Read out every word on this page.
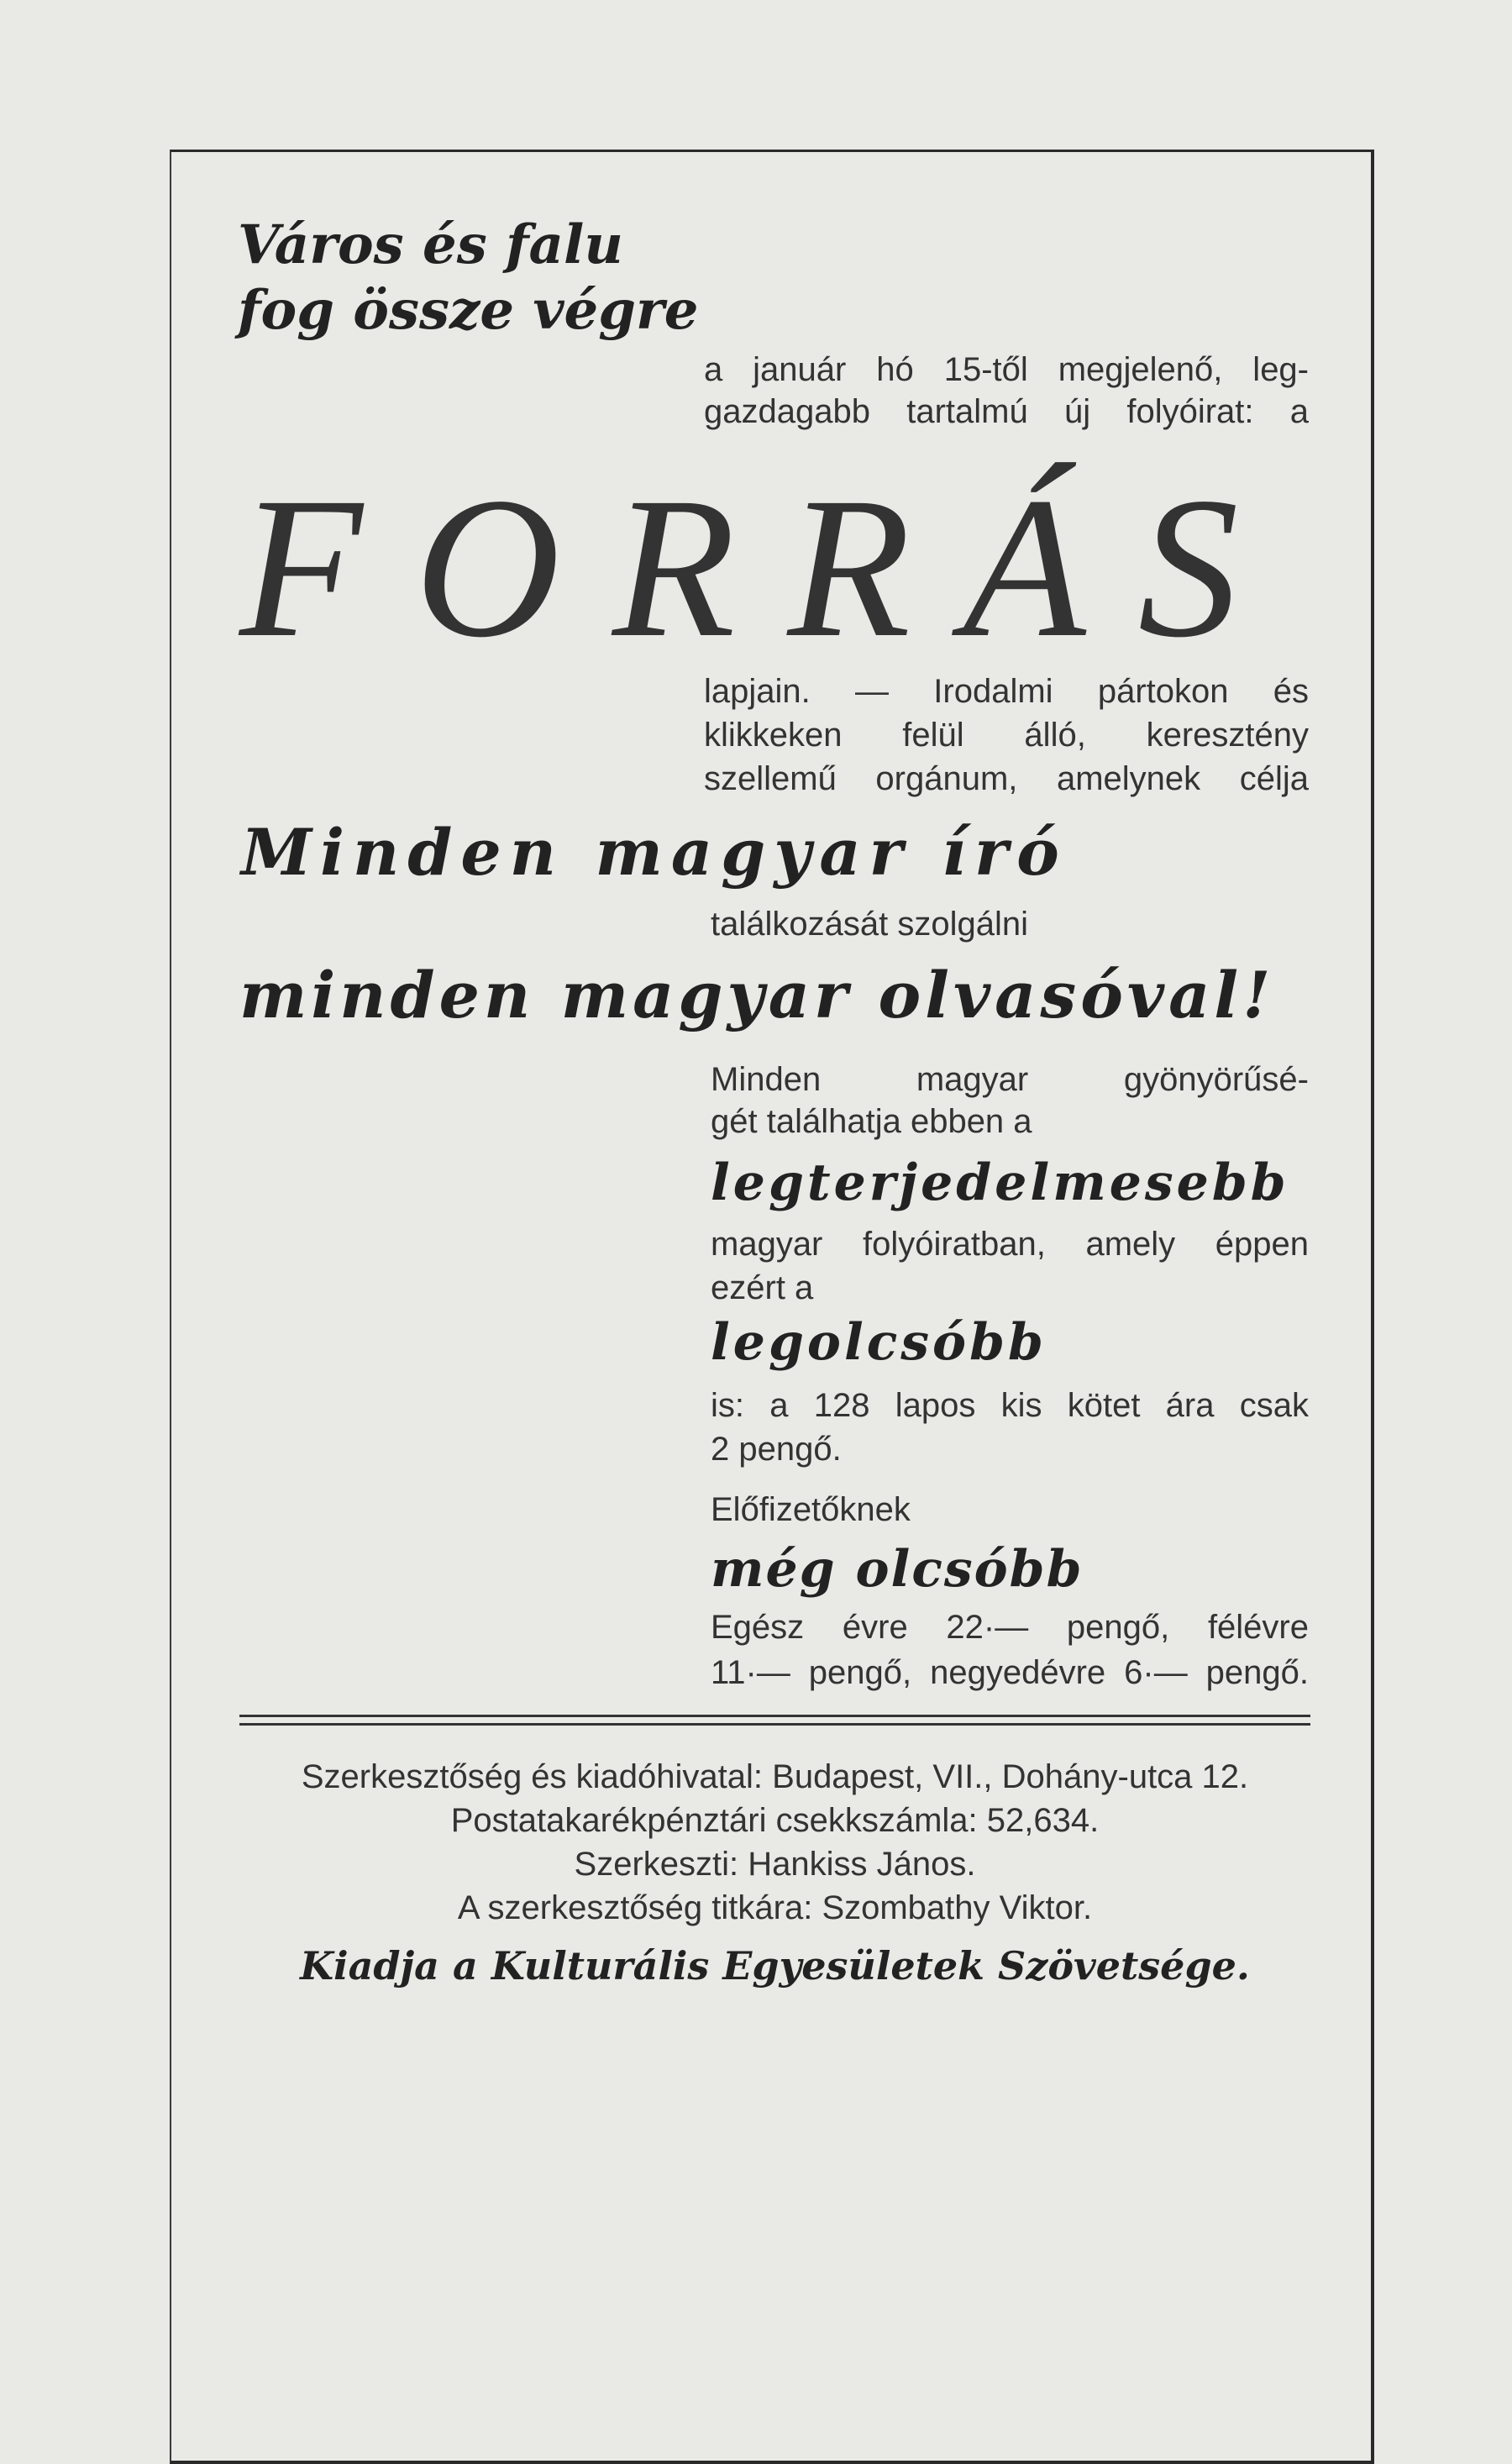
Város és falu
fog össze végre
a január hó 15-től megjelenő, leg-
gazdagabb tartalmú új folyóirat: a
FORRÁS
lapjain. — Irodalmi pártokon és
klikkeken felül álló, keresztény
szellemű orgánum, amelynek célja
Minden magyar író
találkozását szolgálni
minden magyar olvasóval!
Minden magyar gyönyörűsé-
gét találhatja ebben a
legterjedelmesebb
magyar folyóiratban, amely éppen
ezért a
legolcsóbb
is: a 128 lapos kis kötet ára csak
2 pengő.
Előfizetőknek
még olcsóbb
Egész évre 22·— pengő, félévre
11·— pengő, negyedévre 6·— pengő.
Szerkesztőség és kiadóhivatal: Budapest, VII., Dohány-utca 12.
Postatakarékpénztári csekkszámla: 52,634.
Szerkeszti: Hankiss János.
A szerkesztőség titkára: Szombathy Viktor.
Kiadja a Kulturális Egyesületek Szövetsége.
